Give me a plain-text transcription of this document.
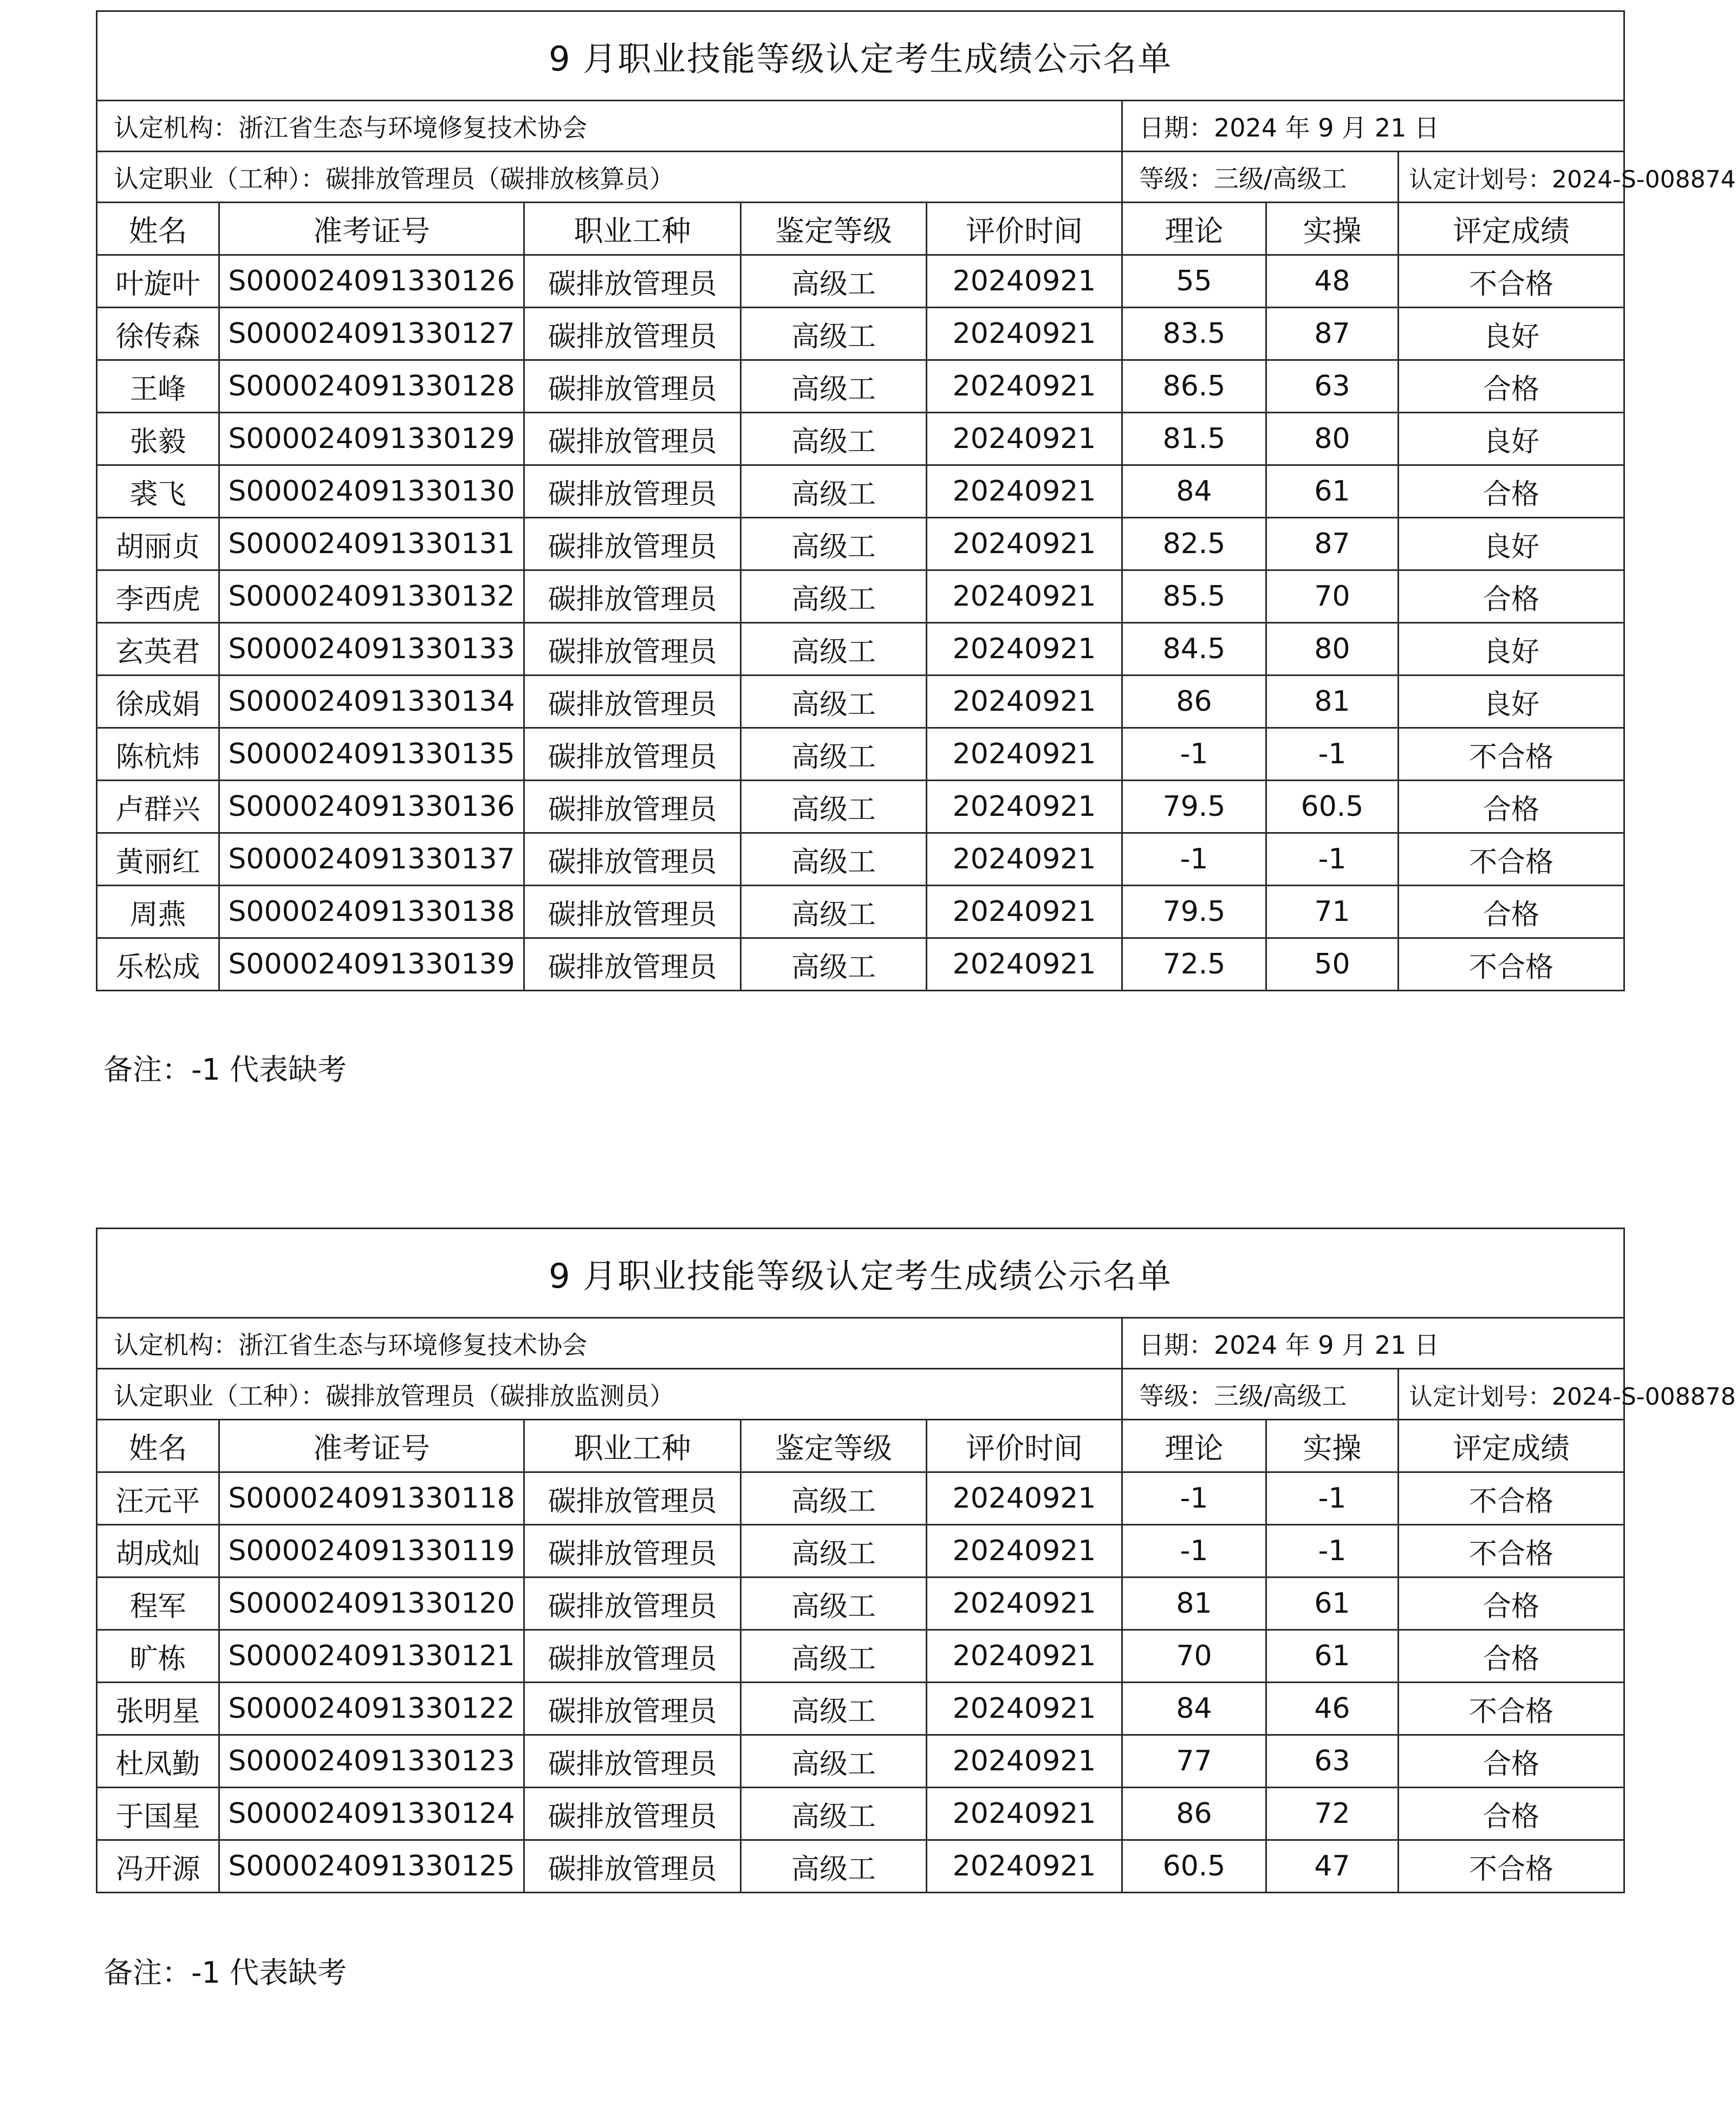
9 月职业技能等级认定考生成绩公示名单							
认定机构：浙江省生态与环境修复技术协会					日期：2024 年 9 月 21 日		
认定职业（工种）：碳排放管理员（碳排放核算员）					等级：三级/高级工		认定计划号：2024-S-008874
姓名	准考证号	职业工种	鉴定等级	评价时间	理论	实操	评定成绩
叶旋叶	S000024091330126	碳排放管理员	高级工	20240921	55	48	不合格
徐传森	S000024091330127	碳排放管理员	高级工	20240921	83.5	87	良好
王峰	S000024091330128	碳排放管理员	高级工	20240921	86.5	63	合格
张毅	S000024091330129	碳排放管理员	高级工	20240921	81.5	80	良好
裘飞	S000024091330130	碳排放管理员	高级工	20240921	84	61	合格
胡丽贞	S000024091330131	碳排放管理员	高级工	20240921	82.5	87	良好
李西虎	S000024091330132	碳排放管理员	高级工	20240921	85.5	70	合格
玄英君	S000024091330133	碳排放管理员	高级工	20240921	84.5	80	良好
徐成娟	S000024091330134	碳排放管理员	高级工	20240921	86	81	良好
陈杭炜	S000024091330135	碳排放管理员	高级工	20240921	-1	-1	不合格
卢群兴	S000024091330136	碳排放管理员	高级工	20240921	79.5	60.5	合格
黄丽红	S000024091330137	碳排放管理员	高级工	20240921	-1	-1	不合格
周燕	S000024091330138	碳排放管理员	高级工	20240921	79.5	71	合格
乐松成	S000024091330139	碳排放管理员	高级工	20240921	72.5	50	不合格
备注：-1 代表缺考
9 月职业技能等级认定考生成绩公示名单							
认定机构：浙江省生态与环境修复技术协会					日期：2024 年 9 月 21 日		
认定职业（工种）：碳排放管理员（碳排放监测员）					等级：三级/高级工		认定计划号：2024-S-008878
姓名	准考证号	职业工种	鉴定等级	评价时间	理论	实操	评定成绩
汪元平	S000024091330118	碳排放管理员	高级工	20240921	-1	-1	不合格
胡成灿	S000024091330119	碳排放管理员	高级工	20240921	-1	-1	不合格
程军	S000024091330120	碳排放管理员	高级工	20240921	81	61	合格
旷栋	S000024091330121	碳排放管理员	高级工	20240921	70	61	合格
张明星	S000024091330122	碳排放管理员	高级工	20240921	84	46	不合格
杜凤勤	S000024091330123	碳排放管理员	高级工	20240921	77	63	合格
于国星	S000024091330124	碳排放管理员	高级工	20240921	86	72	合格
冯开源	S000024091330125	碳排放管理员	高级工	20240921	60.5	47	不合格
备注：-1 代表缺考
